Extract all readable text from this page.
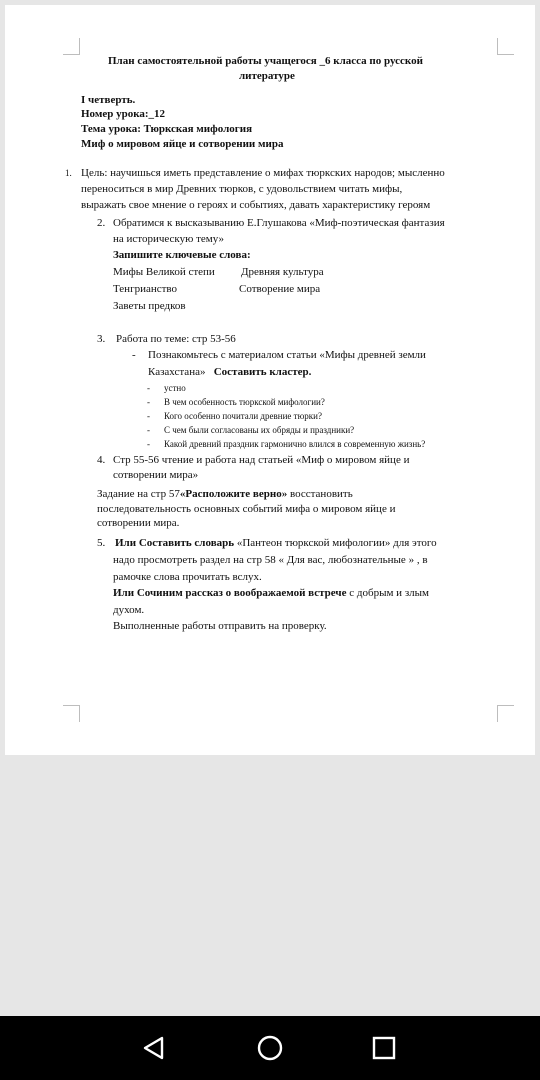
План самостоятельной работы учащегося _6 класса по русской
литературе
I четверть.
Номер урока:_12
Тема урока: Тюркская мифология
Миф о мировом яйце и сотворении мира
1. Цель: научишься иметь представление о мифах тюркских народов; мысленно
переноситься в мир Древних тюрков, с удовольствием читать мифы,
выражать свое мнение о героях и событиях, давать характеристику героям
2. Обратимся к высказыванию Е.Глушакова «Миф-поэтическая фантазия
на историческую тему»
Запишите ключевые слова:
Мифы Великой степи Древняя культура
Тенгрианство	Сотворение мира
Заветы предков
3. Работа по теме: стр 53-56
- Познакомьтесь с материалом статьи «Мифы древней земли
Казахстана» Составить кластер.
- устно
- В чем особенность тюркской мифологии?
- Кого особенно почитали древние тюрки?
- С чем были согласованы их обряды и праздники?
- Какой древний праздник гармонично влился в современную жизнь?
4. Стр 55-56 чтение и работа над статьей «Миф о мировом яйце и
сотворении мира»
Задание на стр 57«Расположите верно» восстановить
последовательность основных событий мифа о мировом яйце и
сотворении мира.
5. Или Составить словарь «Пантеон тюркской мифологии» для этого
надо просмотреть раздел на стр 58 « Для вас, любознательные » , в
рамочке слова прочитать вслух.
Или Сочиним рассказ о воображаемой встрече с добрым и злым
духом.
Выполненные работы отправить на проверку.
